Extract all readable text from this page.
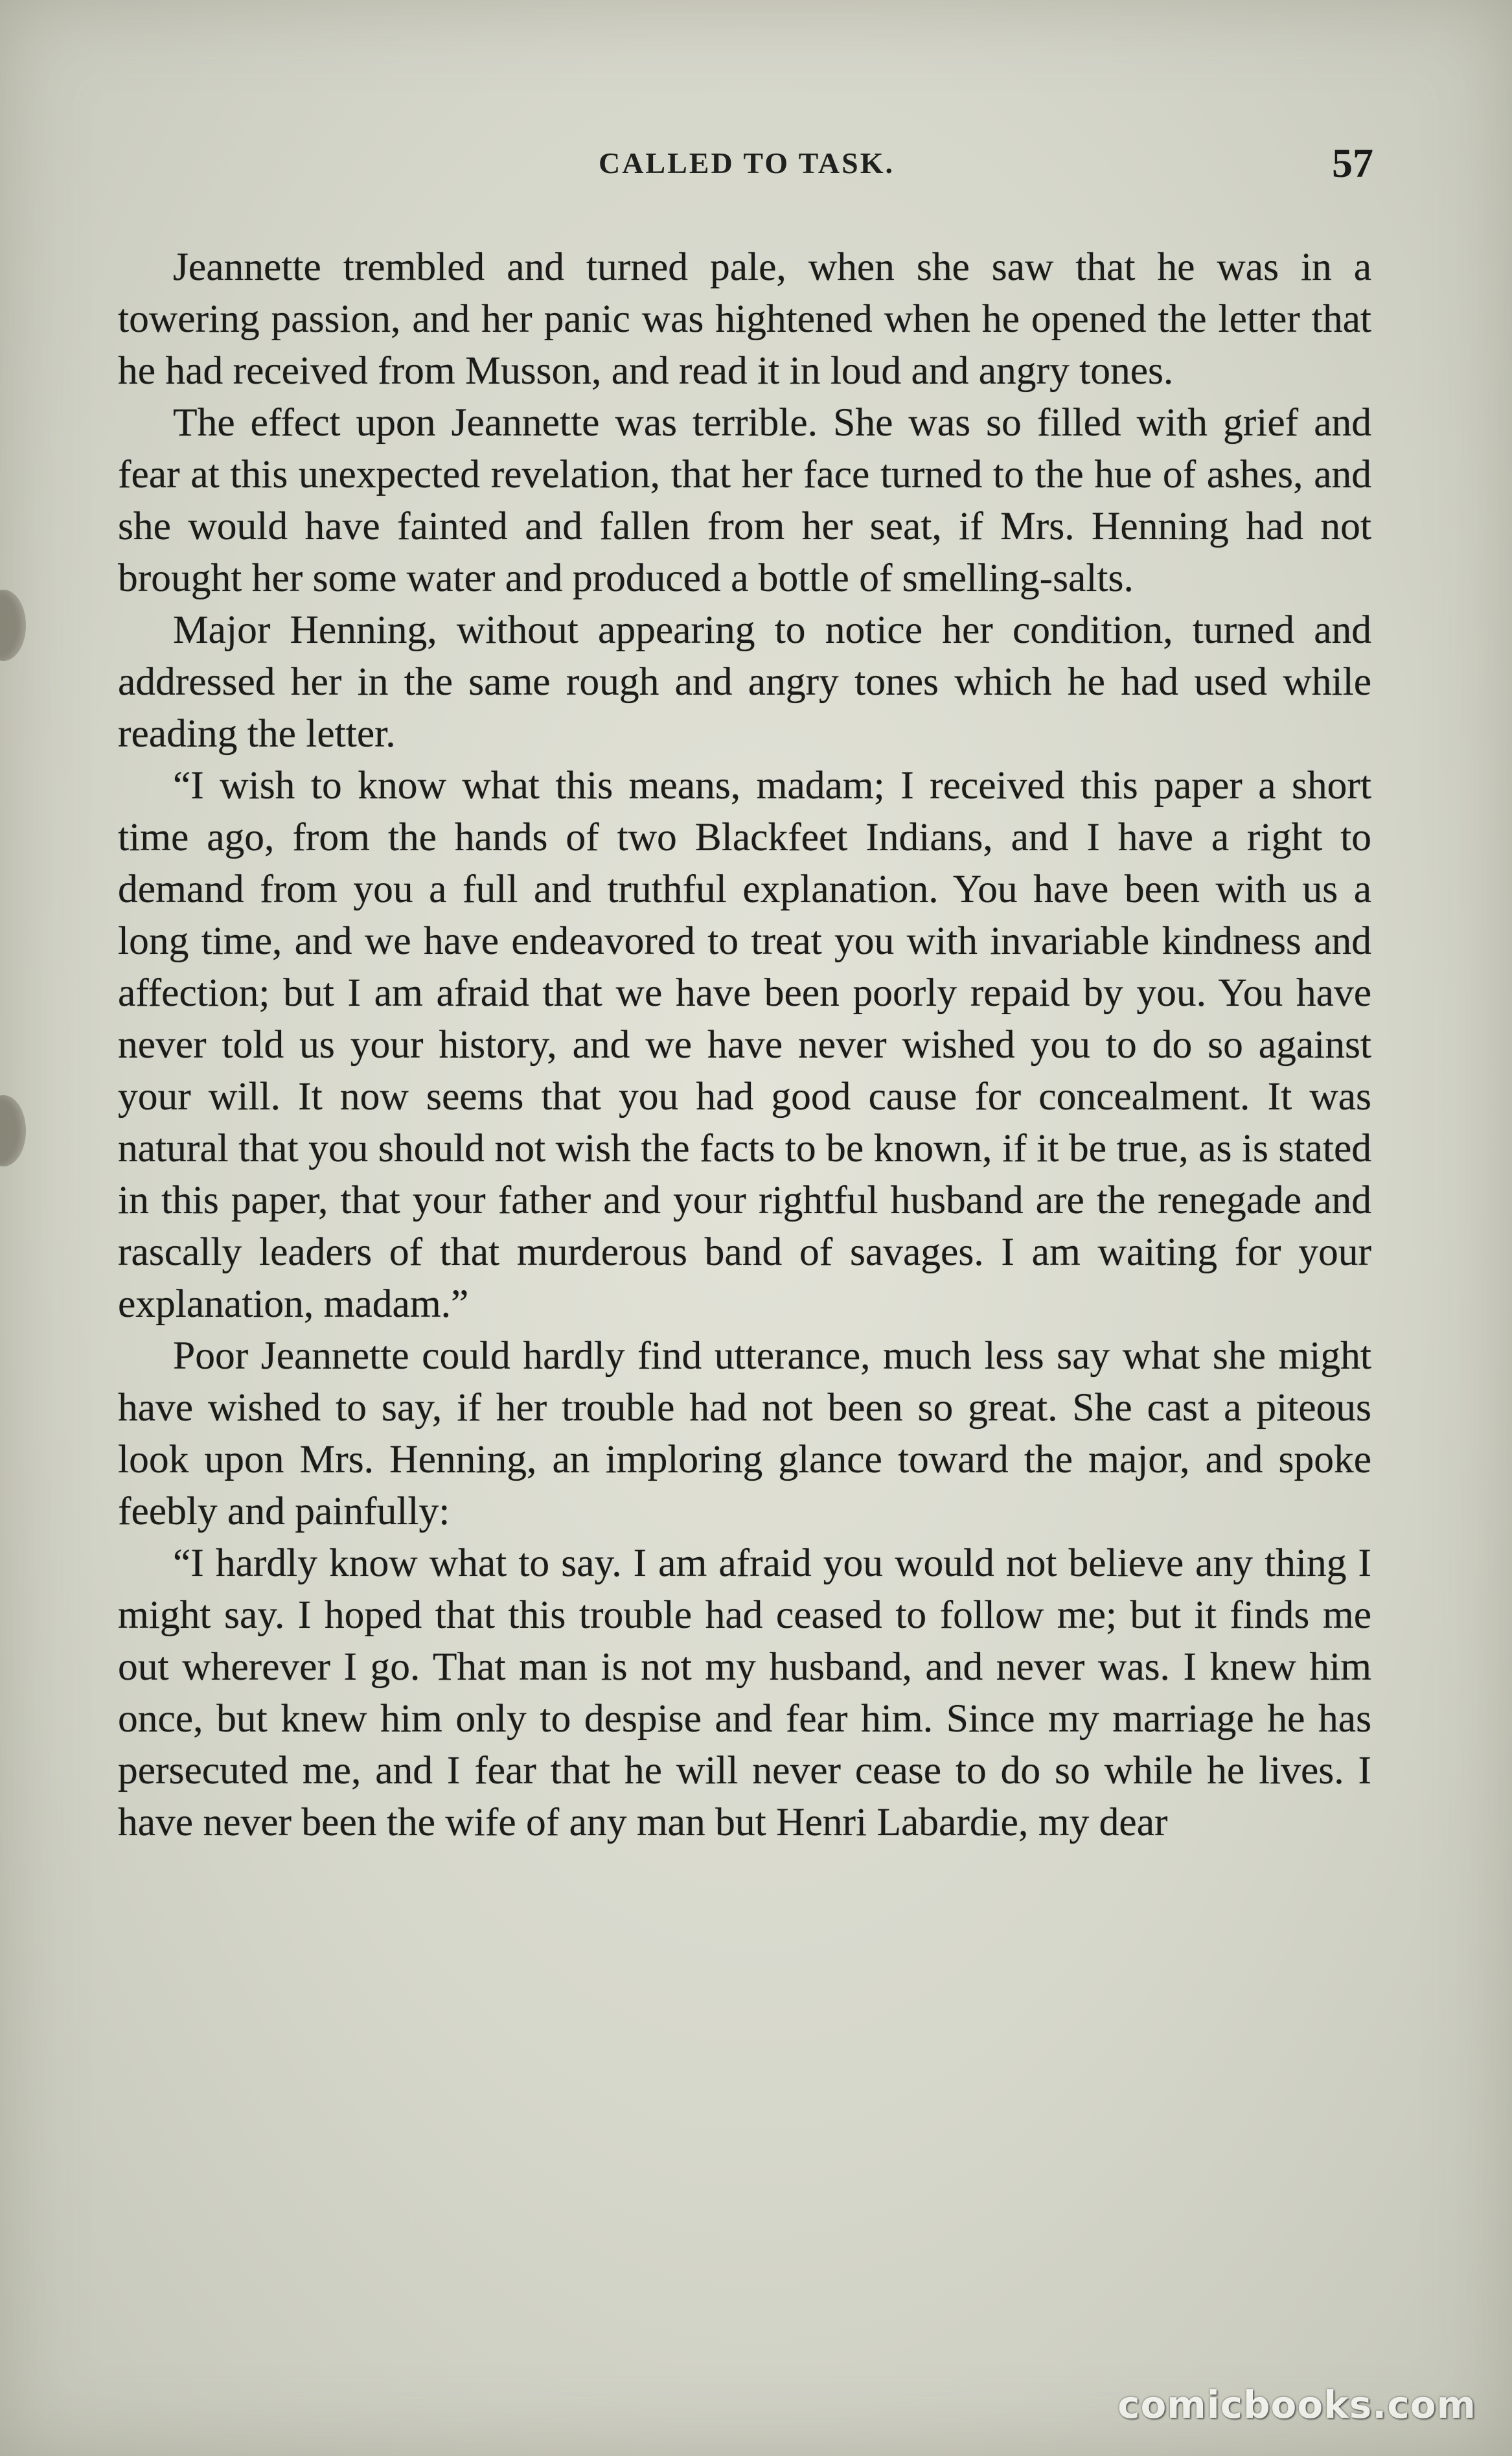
CALLED TO TASK.	57

Jeannette trembled and turned pale, when she saw that he was in a towering passion, and her panic was hightened when he opened the letter that he had received from Musson, and read it in loud and angry tones.

The effect upon Jeannette was terrible. She was so filled with grief and fear at this unexpected revelation, that her face turned to the hue of ashes, and she would have fainted and fallen from her seat, if Mrs. Henning had not brought her some water and produced a bottle of smelling-salts.

Major Henning, without appearing to notice her condition, turned and addressed her in the same rough and angry tones which he had used while reading the letter.

“I wish to know what this means, madam; I received this paper a short time ago, from the hands of two Blackfeet Indians, and I have a right to demand from you a full and truthful explanation. You have been with us a long time, and we have endeavored to treat you with invariable kindness and affection; but I am afraid that we have been poorly repaid by you. You have never told us your history, and we have never wished you to do so against your will. It now seems that you had good cause for concealment. It was natural that you should not wish the facts to be known, if it be true, as is stated in this paper, that your father and your rightful husband are the renegade and rascally leaders of that murderous band of savages. I am waiting for your explanation, madam.”

Poor Jeannette could hardly find utterance, much less say what she might have wished to say, if her trouble had not been so great. She cast a piteous look upon Mrs. Henning, an imploring glance toward the major, and spoke feebly and painfully:

“I hardly know what to say. I am afraid you would not believe any thing I might say. I hoped that this trouble had ceased to follow me; but it finds me out wherever I go. That man is not my husband, and never was. I knew him once, but knew him only to despise and fear him. Since my marriage he has persecuted me, and I fear that he will never cease to do so while he lives. I have never been the wife of any man but Henri Labardie, my dear

comicbooks.com
